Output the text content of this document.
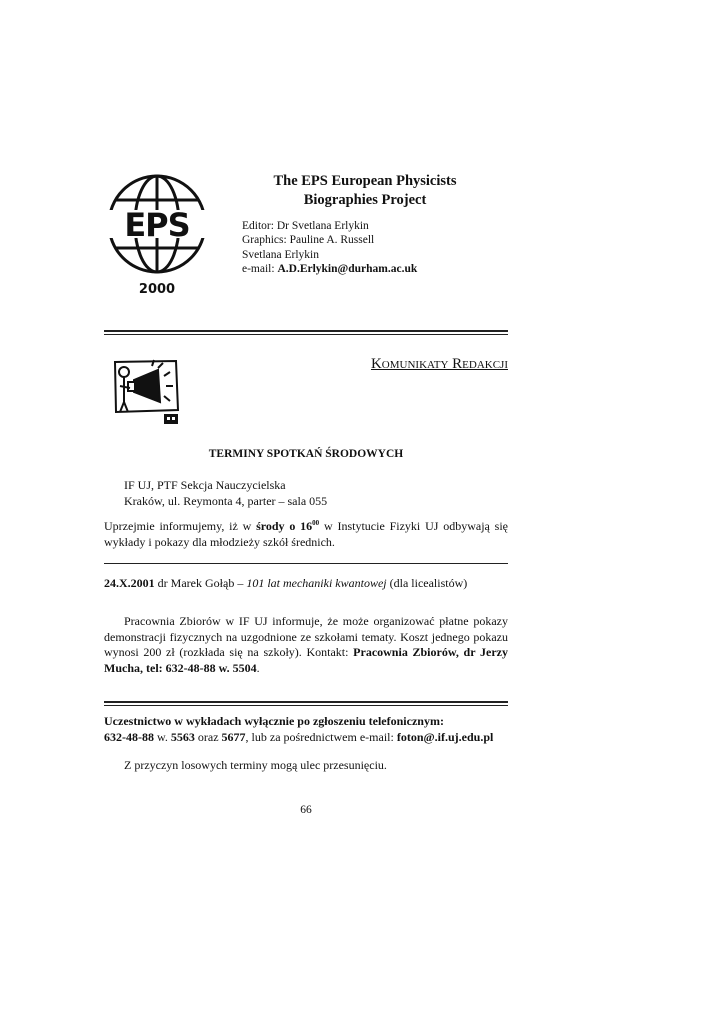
EPS
2000
The EPS European Physicists
Biographies Project
Editor: Dr Svetlana Erlykin
Graphics: Pauline A. Russell
Svetlana Erlykin
e-mail: A.D.Erlykin@durham.ac.uk
Komunikaty Redakcji
TERMINY SPOTKAŃ ŚRODOWYCH
IF UJ, PTF Sekcja Nauczycielska
Kraków, ul. Reymonta 4, parter – sala 055
Uprzejmie informujemy, iż w środy o $16^{00}$ w Instytucie Fizyki UJ odbywają się wykłady i pokazy dla młodzieży szkół średnich.
24.X.2001 dr Marek Gołąb – 101 lat mechaniki kwantowej (dla licealistów)
Pracownia Zbiorów w IF UJ informuje, że może organizować płatne pokazy demonstracji fizycznych na uzgodnione ze szkołami tematy. Koszt jednego pokazu wynosi 200 zł (rozkłada się na szkoły). Kontakt: Pracownia Zbiorów, dr Jerzy Mucha, tel: 632-48-88 w. 5504.
Uczestnictwo w wykładach wyłącznie po zgłoszeniu telefonicznym:
632-48-88 w. 5563 oraz 5677, lub za pośrednictwem e-mail: foton@.if.uj.edu.pl
Z przyczyn losowych terminy mogą ulec przesunięciu.
66
